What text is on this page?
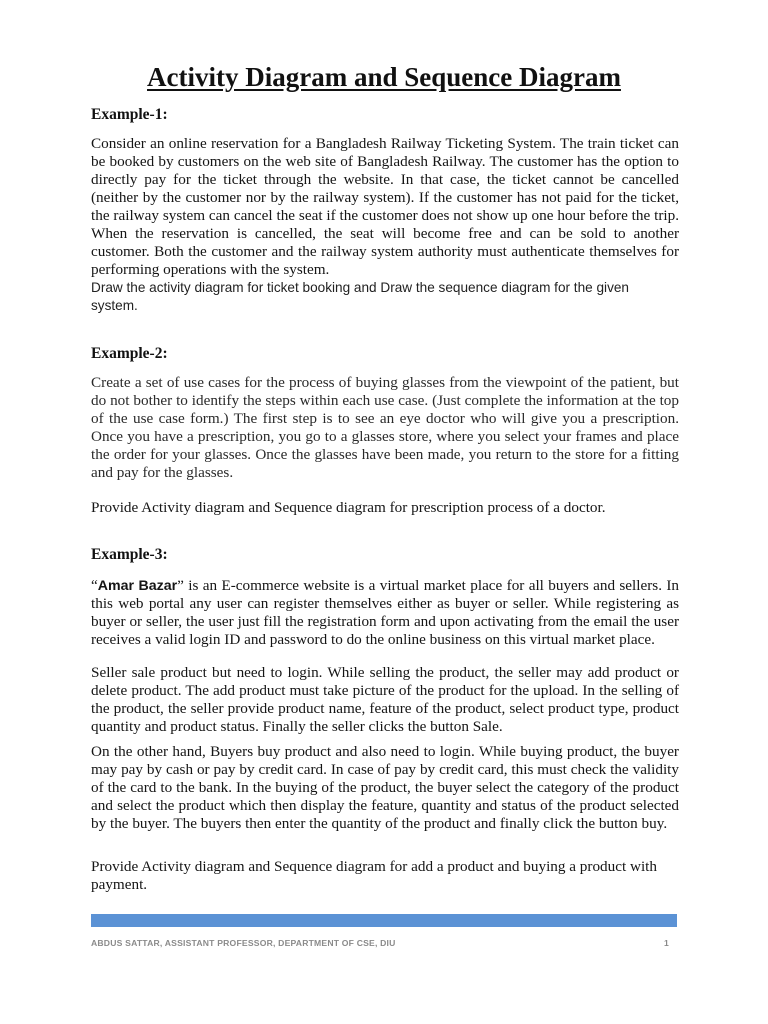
Activity Diagram and Sequence Diagram

Example-1:

Consider an online reservation for a Bangladesh Railway Ticketing System. The train ticket can be booked by customers on the web site of Bangladesh Railway. The customer has the option to directly pay for the ticket through the website. In that case, the ticket cannot be cancelled (neither by the customer nor by the railway system). If the customer has not paid for the ticket, the railway system can cancel the seat if the customer does not show up one hour before the trip. When the reservation is cancelled, the seat will become free and can be sold to another customer. Both the customer and the railway system authority must authenticate themselves for performing operations with the system.

Draw the activity diagram for ticket booking and Draw the sequence diagram for the given system.

Example-2:

Create a set of use cases for the process of buying glasses from the viewpoint of the patient, but do not bother to identify the steps within each use case. (Just complete the information at the top of the use case form.) The first step is to see an eye doctor who will give you a prescription. Once you have a prescription, you go to a glasses store, where you select your frames and place the order for your glasses. Once the glasses have been made, you return to the store for a fitting and pay for the glasses.

Provide Activity diagram and Sequence diagram for prescription process of a doctor.

Example-3:

“Amar Bazar” is an E-commerce website is a virtual market place for all buyers and sellers. In this web portal any user can register themselves either as buyer or seller. While registering as buyer or seller, the user just fill the registration form and upon activating from the email the user receives a valid login ID and password to do the online business on this virtual market place.

Seller sale product but need to login. While selling the product, the seller may add product or delete product. The add product must take picture of the product for the upload. In the selling of the product, the seller provide product name, feature of the product, select product type, product quantity and product status. Finally the seller clicks the button Sale.

On the other hand, Buyers buy product and also need to login. While buying product, the buyer may pay by cash or pay by credit card. In case of pay by credit card, this must check the validity of the card to the bank. In the buying of the product, the buyer select the category of the product and select the product which then display the feature, quantity and status of the product selected by the buyer. The buyers then enter the quantity of the product and finally click the button buy.

Provide Activity diagram and Sequence diagram for add a product and buying a product with payment.

ABDUS SATTAR, ASSISTANT PROFESSOR, DEPARTMENT OF CSE, DIU	1
